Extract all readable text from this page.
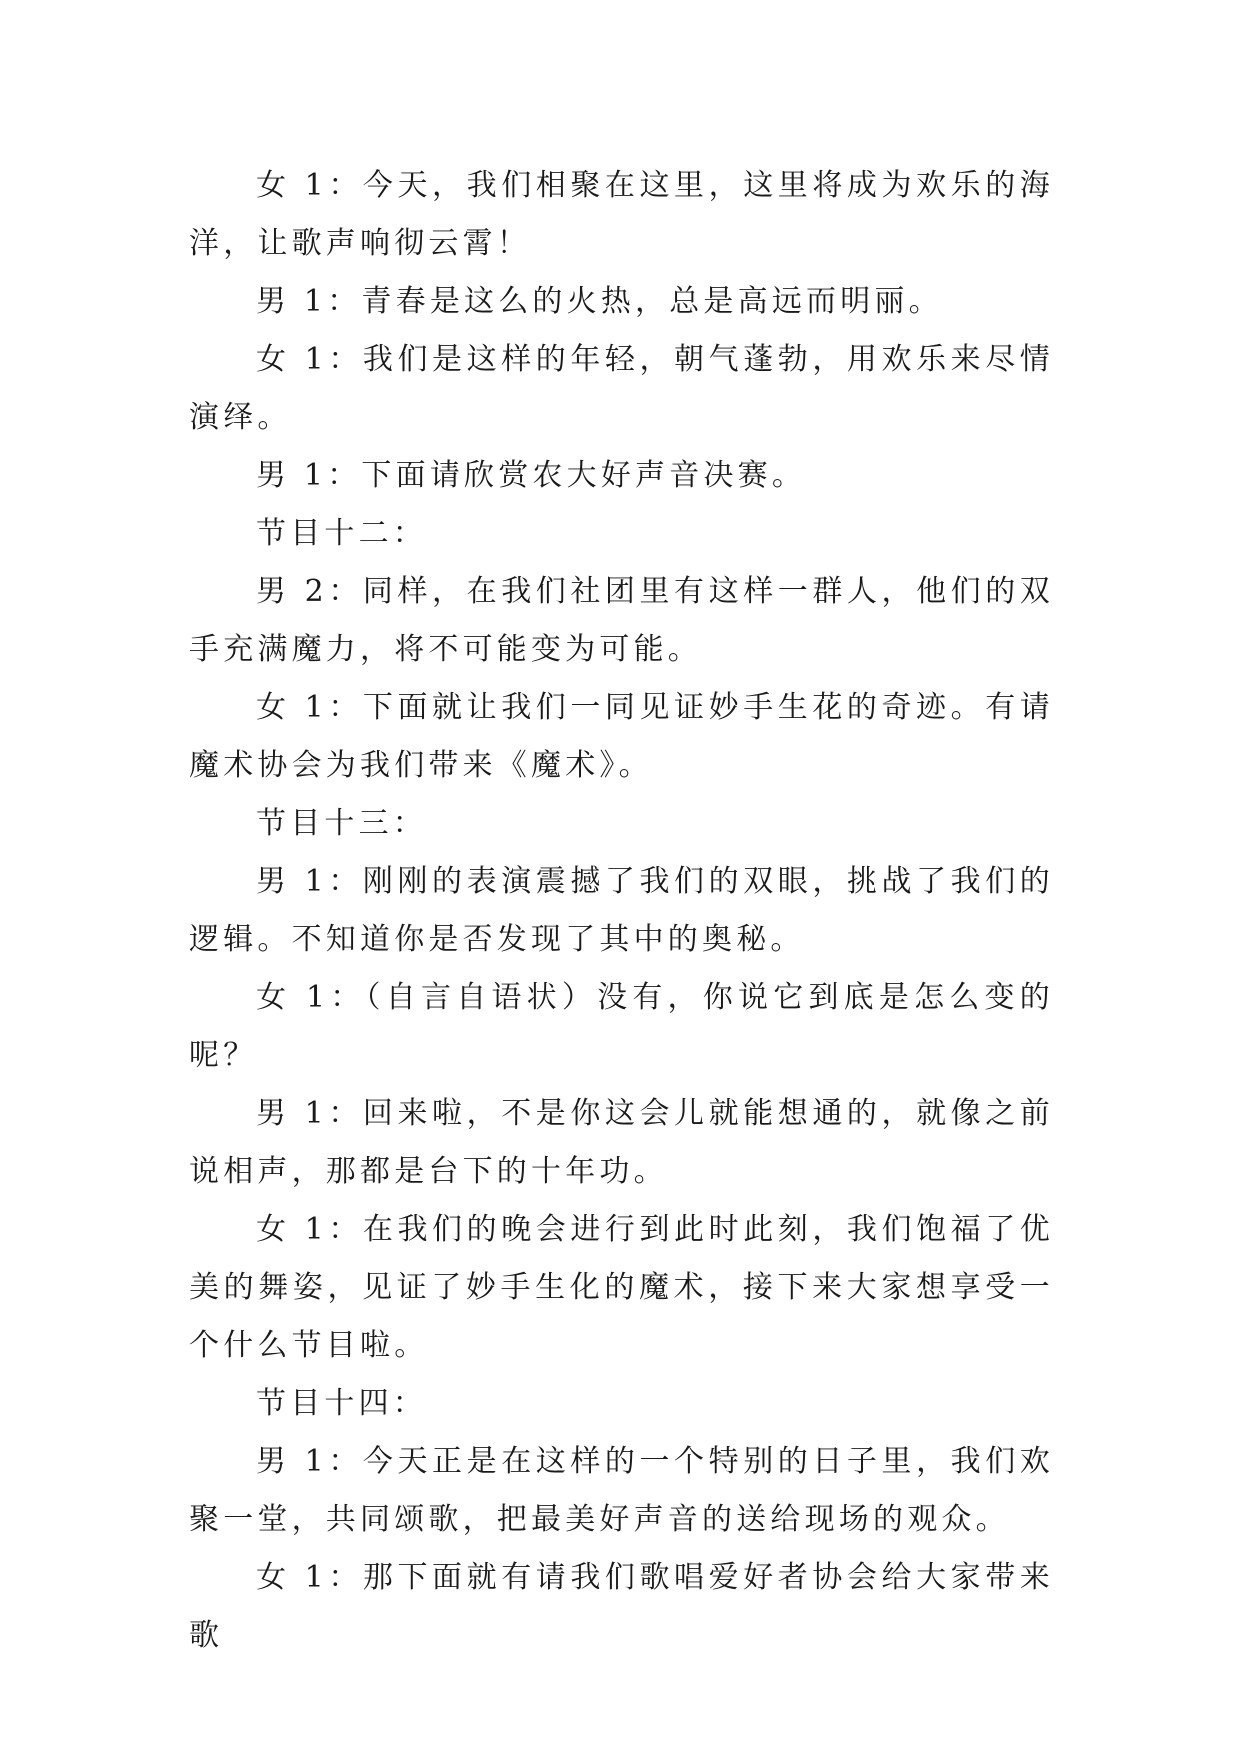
女 1：今天，我们相聚在这里，这里将成为欢乐的海洋，让歌声响彻云霄！

男 1：青春是这么的火热，总是高远而明丽。

女 1：我们是这样的年轻，朝气蓬勃，用欢乐来尽情演绎。

男 1：下面请欣赏农大好声音决赛。

节目十二：

男 2：同样，在我们社团里有这样一群人，他们的双手充满魔力，将不可能变为可能。

女 1：下面就让我们一同见证妙手生花的奇迹。有请魔术协会为我们带来《魔术》。

节目十三：

男 1：刚刚的表演震撼了我们的双眼，挑战了我们的逻辑。不知道你是否发现了其中的奥秘。

女 1：（自言自语状）没有，你说它到底是怎么变的呢？

男 1：回来啦，不是你这会儿就能想通的，就像之前说相声，那都是台下的十年功。

女 1：在我们的晚会进行到此时此刻，我们饱福了优美的舞姿，见证了妙手生化的魔术，接下来大家想享受一个什么节目啦。

节目十四：

男 1：今天正是在这样的一个特别的日子里，我们欢聚一堂，共同颂歌，把最美好声音的送给现场的观众。

女 1：那下面就有请我们歌唱爱好者协会给大家带来歌
